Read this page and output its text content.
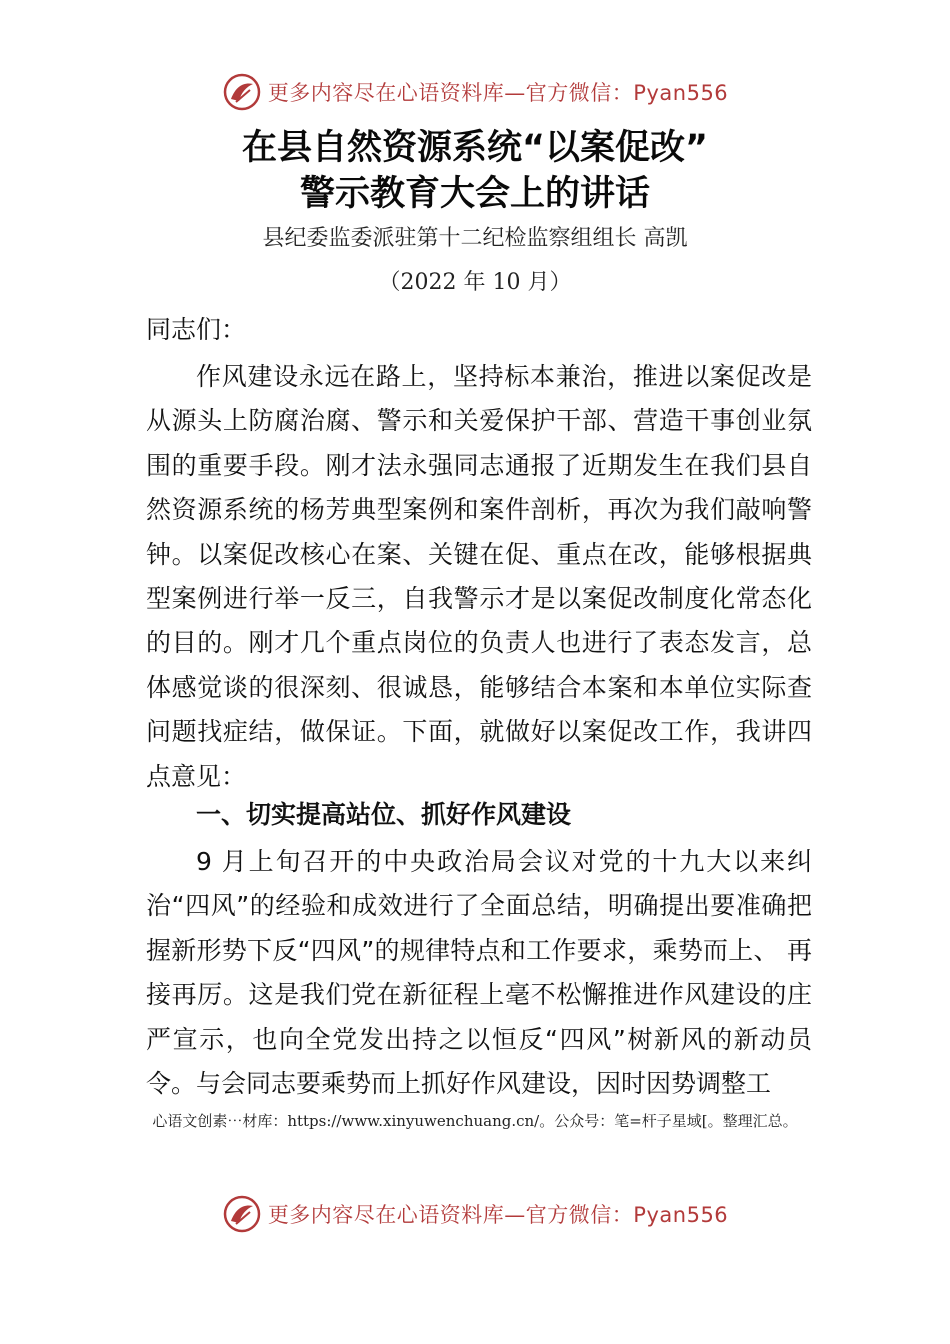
更多内容尽在心语资料库—官方微信：Pyan556
在县自然资源系统“以案促改”
警示教育大会上的讲话
县纪委监委派驻第十二纪检监察组组长 高凯
（2022 年 10 月）
同志们：
作风建设永远在路上，坚持标本兼治，推进以案促改是从源头上防腐治腐、警示和关爱保护干部、营造干事创业氛围的重要手段。刚才法永强同志通报了近期发生在我们县自然资源系统的杨芳典型案例和案件剖析，再次为我们敲响警钟。以案促改核心在案、关键在促、重点在改，能够根据典型案例进行举一反三，自我警示才是以案促改制度化常态化的目的。刚才几个重点岗位的负责人也进行了表态发言，总体感觉谈的很深刻、很诚恳，能够结合本案和本单位实际查问题找症结，做保证。下面，就做好以案促改工作，我讲四点意见：
一、切实提高站位、抓好作风建设
9 月上旬召开的中央政治局会议对党的十九大以来纠治“四风”的经验和成效进行了全面总结，明确提出要准确把握新形势下反“四风”的规律特点和工作要求，乘势而上、 再接再厉。这是我们党在新征程上毫不松懈推进作风建设的庄严宣示，也向全党发出持之以恒反“四风”树新风的新动员令。与会同志要乘势而上抓好作风建设，因时因势调整工
心语文创素⋯材库：https://www.xinyuwenchuang.cn/。公众号：笔=杆子星域[。整理汇总。
更多内容尽在心语资料库—官方微信：Pyan556
